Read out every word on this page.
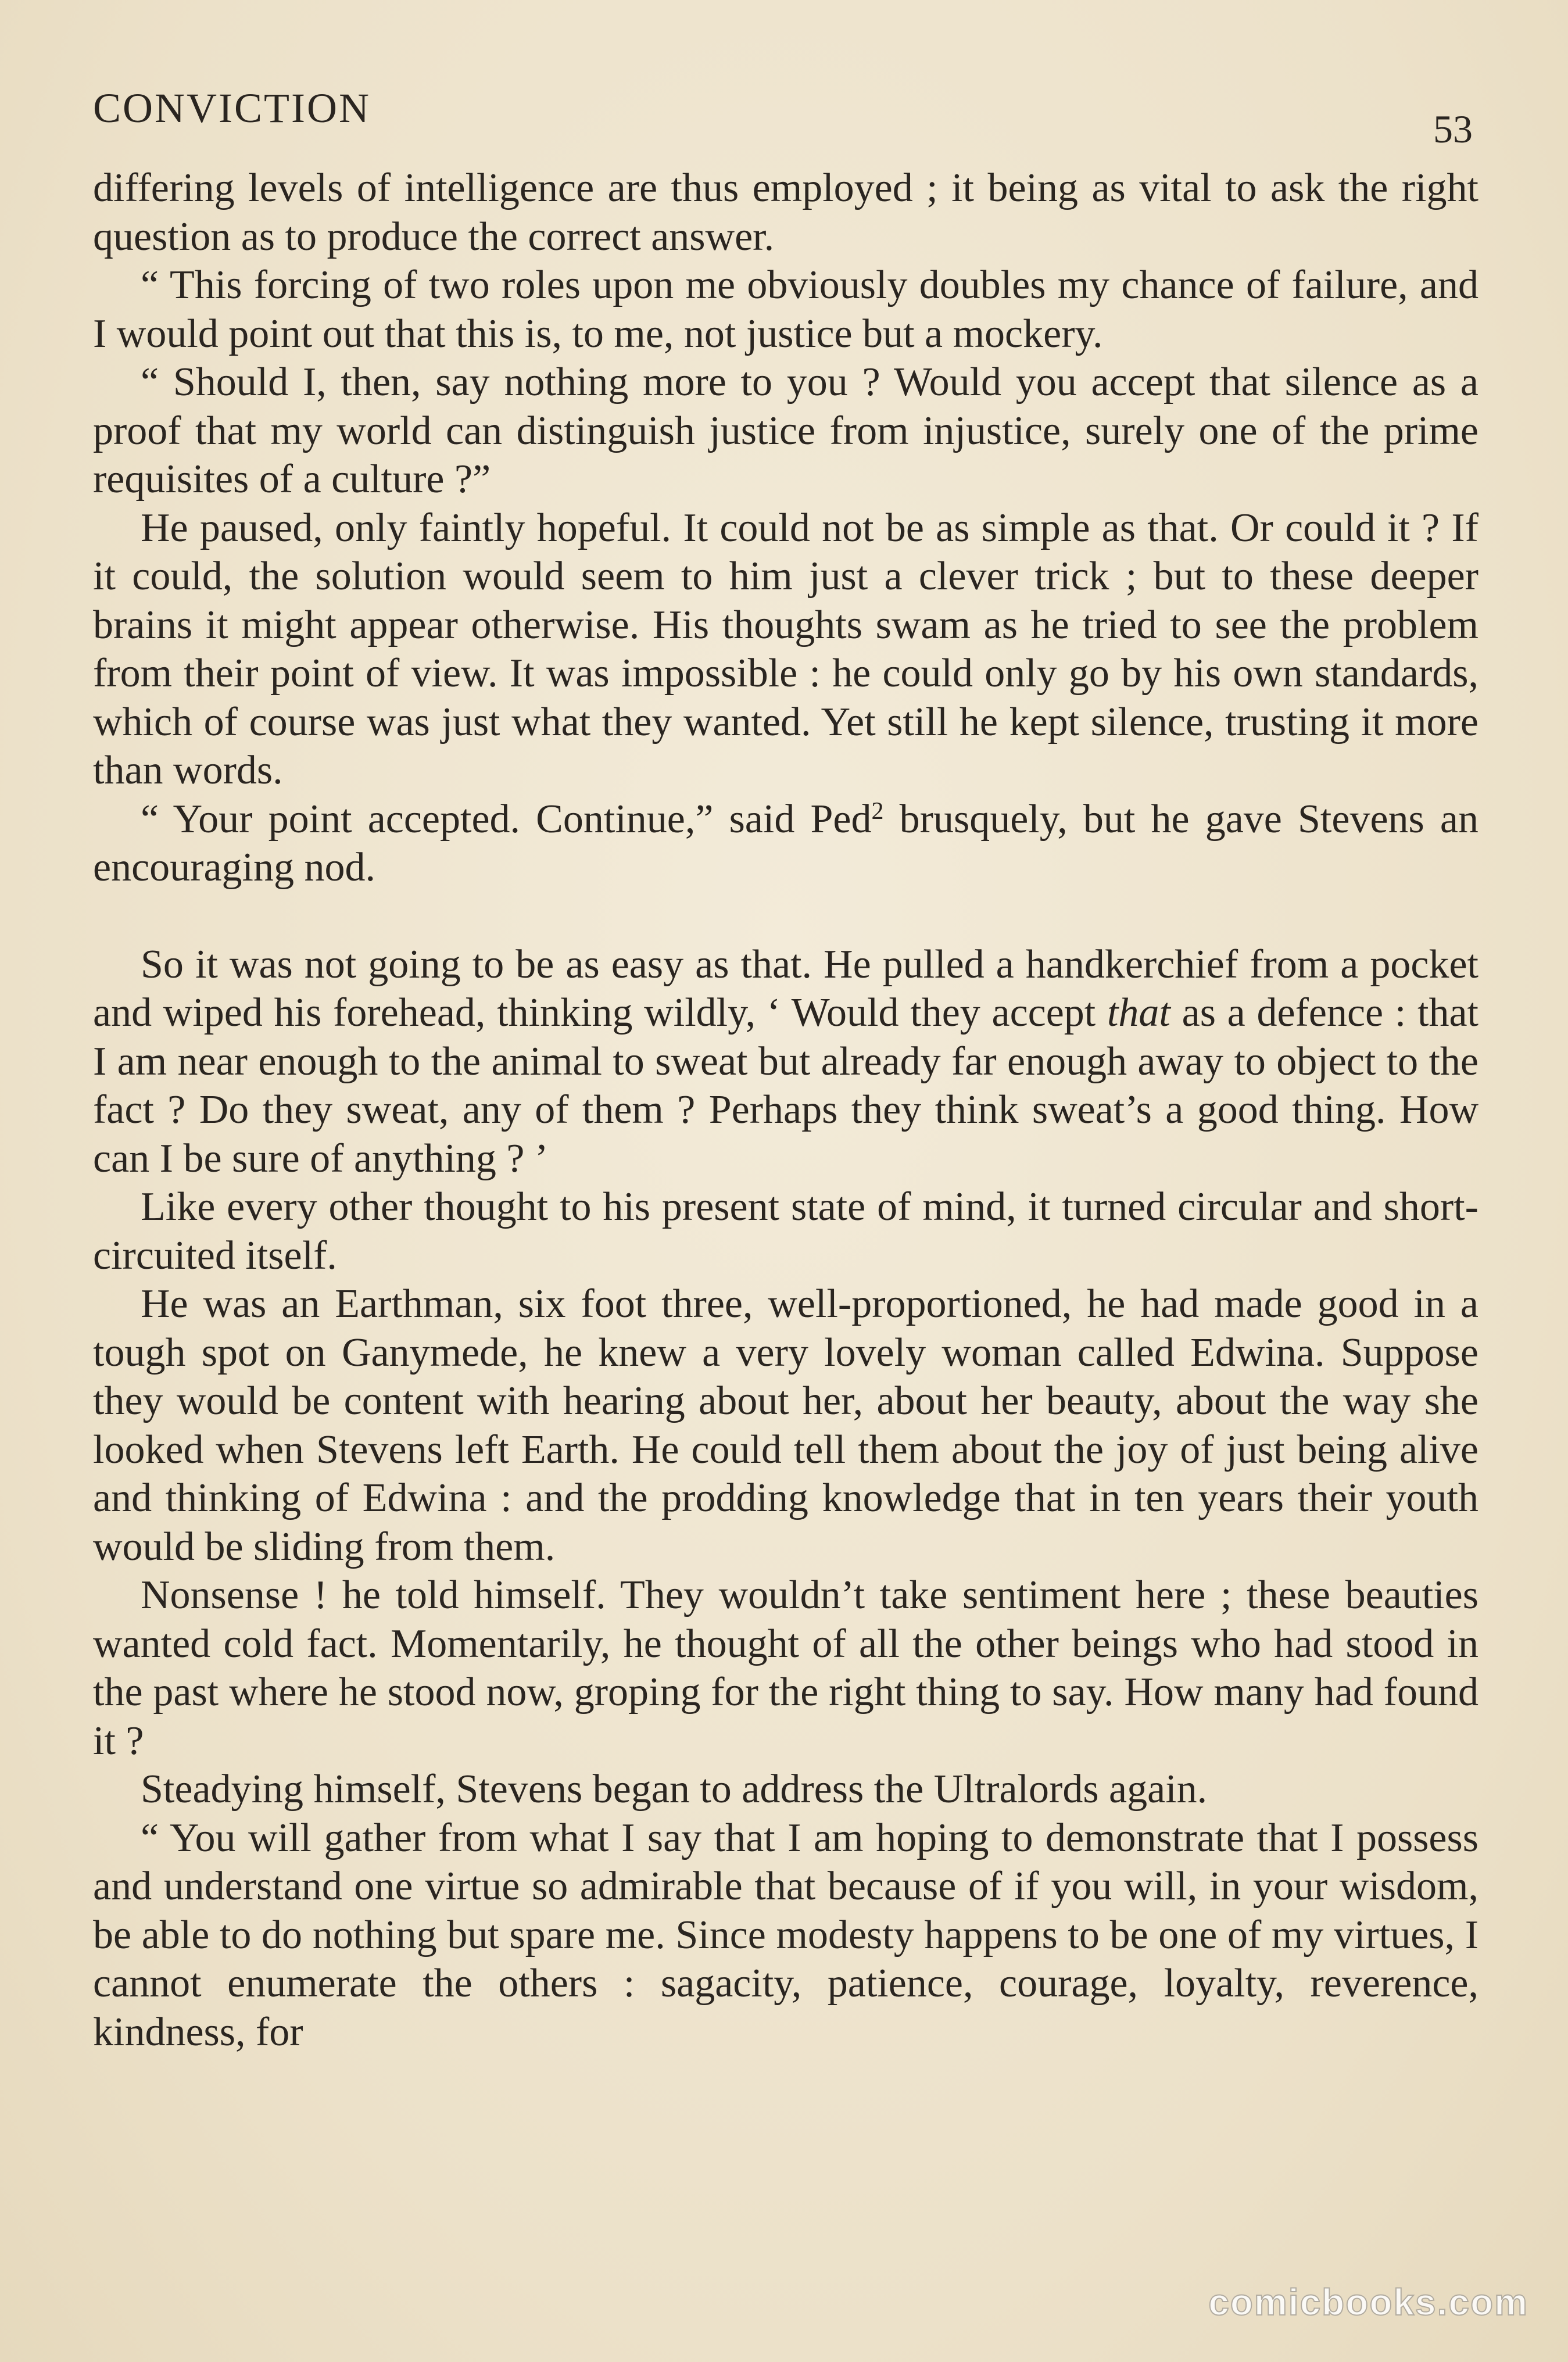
CONVICTION	53

differing levels of intelligence are thus employed ; it being as vital to ask the right question as to produce the correct answer.

“ This forcing of two roles upon me obviously doubles my chance of failure, and I would point out that this is, to me, not justice but a mockery.

“ Should I, then, say nothing more to you ? Would you accept that silence as a proof that my world can distinguish justice from injustice, surely one of the prime requisites of a culture ?”

He paused, only faintly hopeful. It could not be as simple as that. Or could it ? If it could, the solution would seem to him just a clever trick ; but to these deeper brains it might appear otherwise. His thoughts swam as he tried to see the problem from their point of view. It was impossible : he could only go by his own standards, which of course was just what they wanted. Yet still he kept silence, trusting it more than words.

“ Your point accepted. Continue,” said Ped$^2$ brusquely, but he gave Stevens an encouraging nod.

So it was not going to be as easy as that. He pulled a handkerchief from a pocket and wiped his forehead, thinking wildly, ‘ Would they accept that as a defence : that I am near enough to the animal to sweat but already far enough away to object to the fact ? Do they sweat, any of them ? Perhaps they think sweat’s a good thing. How can I be sure of anything ? ’

Like every other thought to his present state of mind, it turned circular and short-circuited itself.

He was an Earthman, six foot three, well-proportioned, he had made good in a tough spot on Ganymede, he knew a very lovely woman called Edwina. Suppose they would be content with hearing about her, about her beauty, about the way she looked when Stevens left Earth. He could tell them about the joy of just being alive and thinking of Edwina : and the prodding knowledge that in ten years their youth would be sliding from them.

Nonsense ! he told himself. They wouldn’t take sentiment here ; these beauties wanted cold fact. Momentarily, he thought of all the other beings who had stood in the past where he stood now, groping for the right thing to say. How many had found it ?

Steadying himself, Stevens began to address the Ultralords again.

“ You will gather from what I say that I am hoping to demonstrate that I possess and understand one virtue so admirable that because of if you will, in your wisdom, be able to do nothing but spare me. Since modesty happens to be one of my virtues, I cannot enumerate the others : sagacity, patience, courage, loyalty, reverence, kindness, for

comicbooks.com
